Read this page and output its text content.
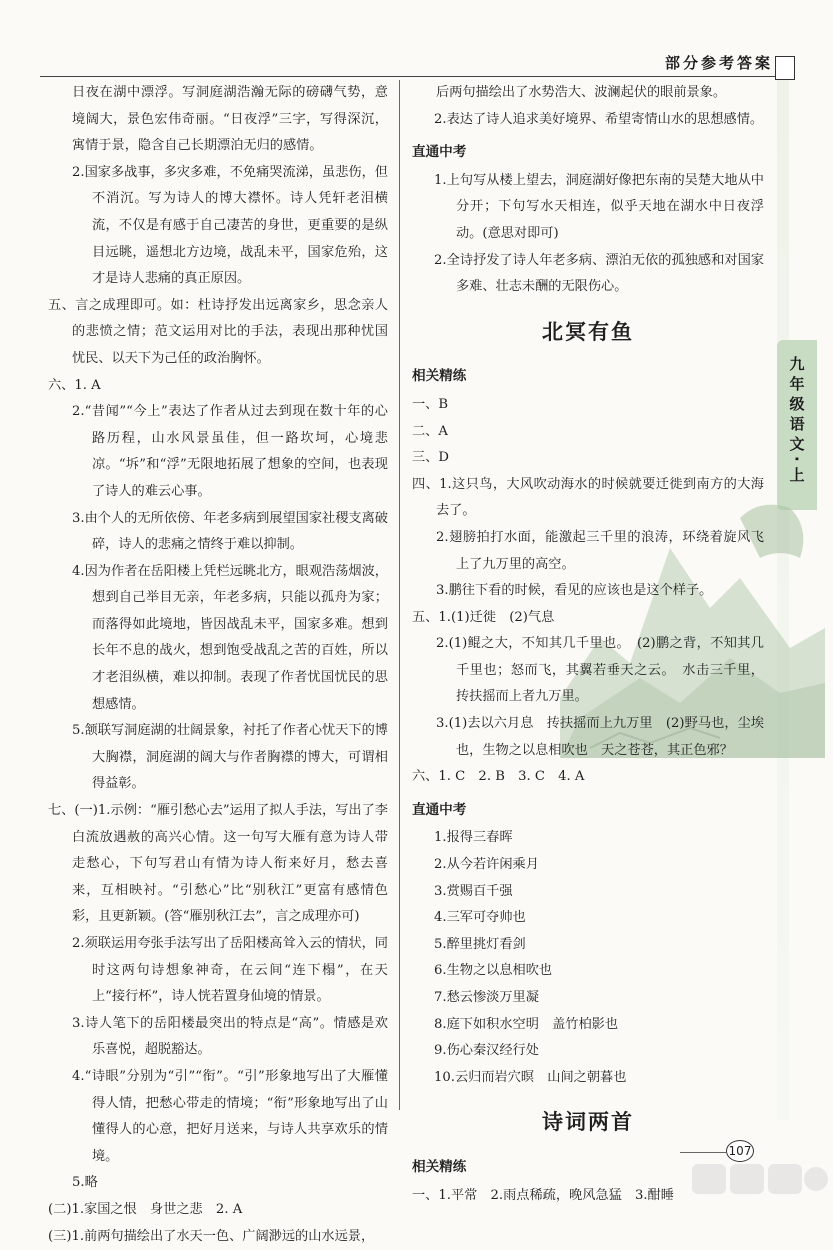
部分参考答案
九年级语文·上

日夜在湖中漂浮。写洞庭湖浩瀚无际的磅礴气势，意境阔大，景色宏伟奇丽。“日夜浮”三字，写得深沉，寓情于景，隐含自己长期漂泊无归的感情。

2.国家多战事，多灾多难，不免痛哭流涕，虽悲伤，但不消沉。写为诗人的博大襟怀。诗人凭轩老泪横流，不仅是有感于自己凄苦的身世，更重要的是纵目远眺，遥想北方边境，战乱未平，国家危殆，这才是诗人悲痛的真正原因。

五、言之成理即可。如：杜诗抒发出远离家乡，思念亲人的悲愤之情；范文运用对比的手法，表现出那种忧国忧民、以天下为己任的政治胸怀。

六、1. A

2.“昔闻”“今上”表达了作者从过去到现在数十年的心路历程，山水风景虽佳，但一路坎坷，心境悲凉。“坼”和“浮”无限地拓展了想象的空间，也表现了诗人的难云心事。

3.由个人的无所依傍、年老多病到展望国家社稷支离破碎，诗人的悲痛之情终于难以抑制。

4.因为作者在岳阳楼上凭栏远眺北方，眼观浩荡烟波，想到自己举目无亲，年老多病，只能以孤舟为家；而落得如此境地，皆因战乱未平，国家多难。想到长年不息的战火，想到饱受战乱之苦的百姓，所以才老泪纵横，难以抑制。表现了作者忧国忧民的思想感情。

5.颔联写洞庭湖的壮阔景象，衬托了作者心忧天下的博大胸襟，洞庭湖的阔大与作者胸襟的博大，可谓相得益彰。

七、(一)1.示例：“雁引愁心去”运用了拟人手法，写出了李白流放遇赦的高兴心情。这一句写大雁有意为诗人带走愁心，下句写君山有情为诗人衔来好月，愁去喜来，互相映衬。“引愁心”比“别秋江”更富有感情色彩，且更新颖。(答“雁别秋江去”，言之成理亦可)

2.须联运用夸张手法写出了岳阳楼高耸入云的情状，同时这两句诗想象神奇，在云间“连下榻”，在天上“接行杯”，诗人恍若置身仙境的情景。

3.诗人笔下的岳阳楼最突出的特点是“高”。情感是欢乐喜悦，超脱豁达。

4.“诗眼”分别为“引”“衔”。“引”形象地写出了大雁懂得人情，把愁心带走的情境；“衔”形象地写出了山懂得人的心意，把好月送来，与诗人共享欢乐的情境。

5.略

(二)1.家国之恨　身世之悲　2. A

(三)1.前两句描绘出了水天一色、广阔渺远的山水远景，

后两句描绘出了水势浩大、波澜起伏的眼前景象。

2.表达了诗人追求美好境界、希望寄情山水的思想感情。

直通中考

1.上句写从楼上望去，洞庭湖好像把东南的吴楚大地从中分开；下句写水天相连，似乎天地在湖水中日夜浮动。(意思对即可)

2.全诗抒发了诗人年老多病、漂泊无依的孤独感和对国家多难、壮志未酬的无限伤心。

北冥有鱼
相关精练

一、B

二、A

三、D

四、1.这只鸟，大风吹动海水的时候就要迁徙到南方的大海去了。

2.翅膀拍打水面，能激起三千里的浪涛，环绕着旋风飞上了九万里的高空。

3.鹏往下看的时候，看见的应该也是这个样子。

五、1.(1)迁徙　(2)气息

2.(1)鲲之大，不知其几千里也。　(2)鹏之背，不知其几千里也；怒而飞，其翼若垂天之云。　水击三千里，抟扶摇而上者九万里。

3.(1)去以六月息　抟扶摇而上九万里　(2)野马也，尘埃也，生物之以息相吹也　天之苍苍，其正色邪？

六、1. C　2. B　3. C　4. A

直通中考

1.报得三春晖

2.从今若许闲乘月

3.赏赐百千强

4.三军可夺帅也

5.醉里挑灯看剑

6.生物之以息相吹也

7.愁云惨淡万里凝

8.庭下如积水空明　盖竹柏影也

9.伤心秦汉经行处

10.云归而岩穴暝　山间之朝暮也

诗词两首
相关精练

一、1.平常　2.雨点稀疏，晚风急猛　3.酣睡

107
